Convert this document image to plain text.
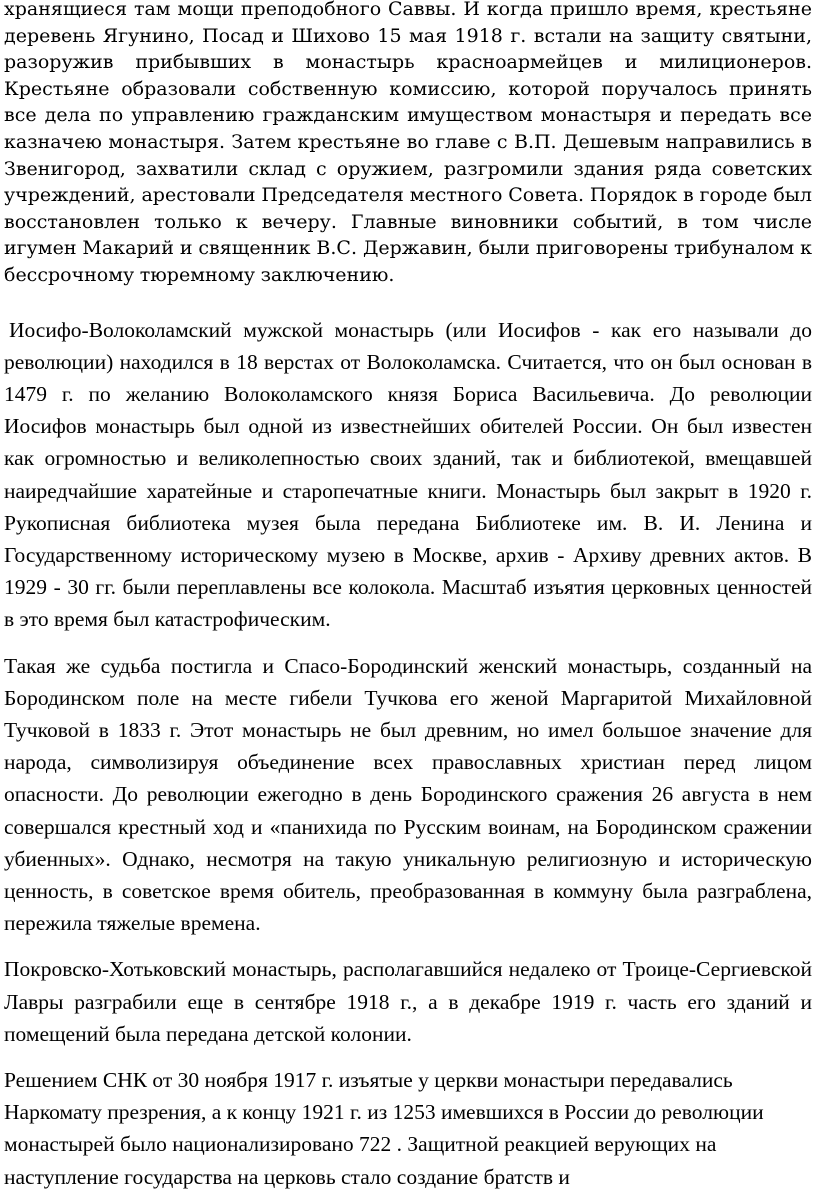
хранящиеся там мощи преподобного Саввы. И когда пришло время, крестьяне деревень Ягунино, Посад и Шихово 15 мая 1918 г. встали на защиту святыни, разоружив прибывших в монастырь красноармейцев и милиционеров. Крестьяне образовали собственную комиссию, которой поручалось принять все дела по управлению гражданским имуществом монастыря и передать все казначею монастыря. Затем крестьяне во главе с В.П. Дешевым направились в Звенигород, захватили склад с оружием, разгромили здания ряда советских учреждений, арестовали Председателя местного Совета. Порядок в городе был восстановлен только к вечеру. Главные виновники событий, в том числе игумен Макарий и священник В.С. Державин, были приговорены трибуналом к бессрочному тюремному заключению.

Иосифо-Волоколамский мужской монастырь (или Иосифов - как его называли до революции) находился в 18 верстах от Волоколамска. Считается, что он был основан в 1479 г. по желанию Волоколамского князя Бориса Васильевича. До революции Иосифов монастырь был одной из известнейших обителей России. Он был известен как огромностью и великолепностью своих зданий, так и библиотекой, вмещавшей наиредчайшие харатейные и старопечатные книги. Монастырь был закрыт в 1920 г. Рукописная библиотека музея была передана Библиотеке им. В. И. Ленина и Государственному историческому музею в Москве, архив - Архиву древних актов. В 1929 - 30 гг. были переплавлены все колокола. Масштаб изъятия церковных ценностей в это время был катастрофическим.

Такая же судьба постигла и Спасо-Бородинский женский монастырь, созданный на Бородинском поле на месте гибели Тучкова его женой Маргаритой Михайловной Тучковой в 1833 г. Этот монастырь не был древним, но имел большое значение для народа, символизируя объединение всех православных христиан перед лицом опасности. До революции ежегодно в день Бородинского сражения 26 августа в нем совершался крестный ход и «панихида по Русским воинам, на Бородинском сражении убиенных». Однако, несмотря на такую уникальную религиозную и историческую ценность, в советское время обитель, преобразованная в коммуну была разграблена, пережила тяжелые времена.

Покровско-Хотьковский монастырь, располагавшийся недалеко от Троице-Сергиевской Лавры разграбили еще в сентябре 1918 г., а в декабре 1919 г. часть его зданий и помещений была передана детской колонии.

Решением СНК от 30 ноября 1917 г. изъятые у церкви монастыри передавались Наркомату презрения, а к концу 1921 г. из 1253 имевшихся в России до революции монастырей было национализировано 722 . Защитной реакцией верующих на наступление государства на церковь стало создание братств и
